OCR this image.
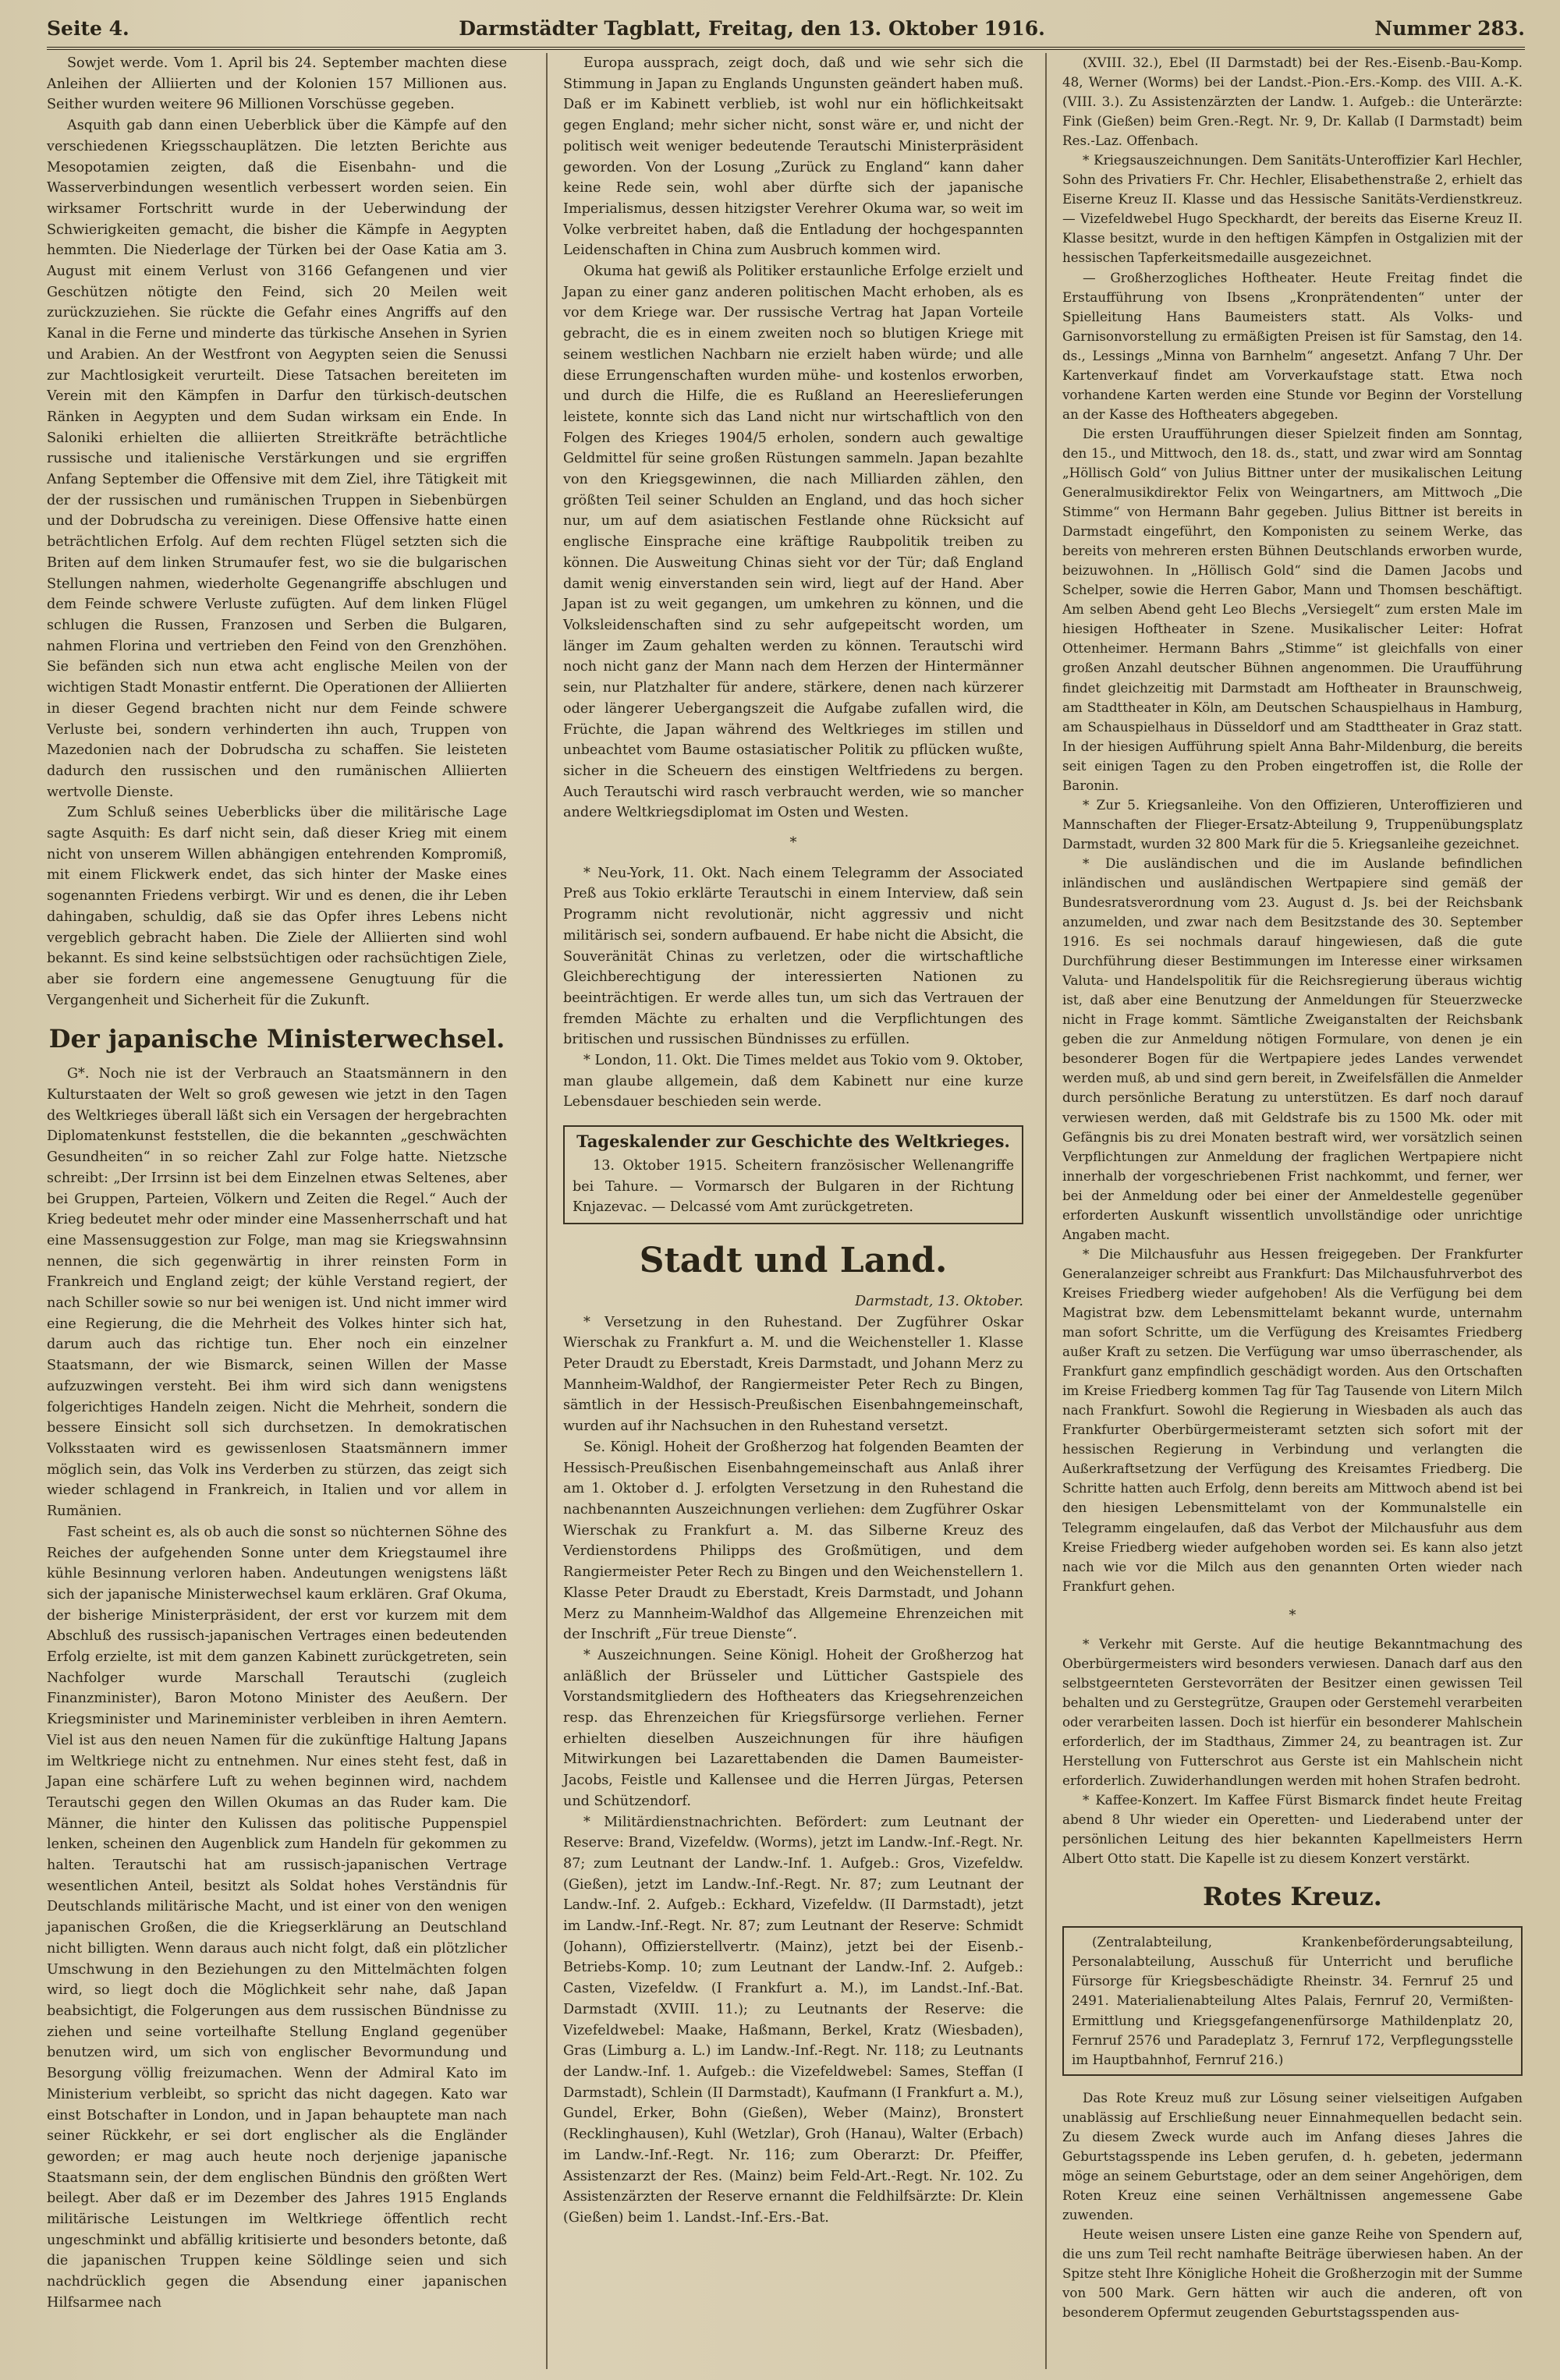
Seite 4.	Darmstädter Tagblatt, Freitag, den 13. Oktober 1916.	Nummer 283.

Sowjet werde. Vom 1. April bis 24. September machten diese Anleihen der Alliierten und der Kolonien 157 Millionen aus. Seither wurden weitere 96 Millionen Vorschüsse gegeben.

Asquith gab dann einen Ueberblick über die Kämpfe auf den verschiedenen Kriegsschauplätzen. Die letzten Berichte aus Mesopotamien zeigten, daß die Eisenbahn- und die Wasserverbindungen wesentlich verbessert worden seien. Ein wirksamer Fortschritt wurde in der Ueberwindung der Schwierigkeiten gemacht, die bisher die Kämpfe in Aegypten hemmten. Die Niederlage der Türken bei der Oase Katia am 3. August mit einem Verlust von 3166 Gefangenen und vier Geschützen nötigte den Feind, sich 20 Meilen weit zurückzuziehen. Sie rückte die Gefahr eines Angriffs auf den Kanal in die Ferne und minderte das türkische Ansehen in Syrien und Arabien. An der Westfront von Aegypten seien die Senussi zur Machtlosigkeit verurteilt. Diese Tatsachen bereiteten im Verein mit den Kämpfen in Darfur den türkisch-deutschen Ränken in Aegypten und dem Sudan wirksam ein Ende. In Saloniki erhielten die alliierten Streitkräfte beträchtliche russische und italienische Verstärkungen und sie ergriffen Anfang September die Offensive mit dem Ziel, ihre Tätigkeit mit der der russischen und rumänischen Truppen in Siebenbürgen und der Dobrudscha zu vereinigen. Diese Offensive hatte einen beträchtlichen Erfolg. Auf dem rechten Flügel setzten sich die Briten auf dem linken Strumaufer fest, wo sie die bulgarischen Stellungen nahmen, wiederholte Gegenangriffe abschlugen und dem Feinde schwere Verluste zufügten. Auf dem linken Flügel schlugen die Russen, Franzosen und Serben die Bulgaren, nahmen Florina und vertrieben den Feind von den Grenzhöhen. Sie befänden sich nun etwa acht englische Meilen von der wichtigen Stadt Monastir entfernt. Die Operationen der Alliierten in dieser Gegend brachten nicht nur dem Feinde schwere Verluste bei, sondern verhinderten ihn auch, Truppen von Mazedonien nach der Dobrudscha zu schaffen. Sie leisteten dadurch den russischen und den rumänischen Alliierten wertvolle Dienste.

Zum Schluß seines Ueberblicks über die militärische Lage sagte Asquith: Es darf nicht sein, daß dieser Krieg mit einem nicht von unserem Willen abhängigen entehrenden Kompromiß, mit einem Flickwerk endet, das sich hinter der Maske eines sogenannten Friedens verbirgt. Wir und es denen, die ihr Leben dahingaben, schuldig, daß sie das Opfer ihres Lebens nicht vergeblich gebracht haben. Die Ziele der Alliierten sind wohl bekannt. Es sind keine selbstsüchtigen oder rachsüchtigen Ziele, aber sie fordern eine angemessene Genugtuung für die Vergangenheit und Sicherheit für die Zukunft.

Der japanische Ministerwechsel.

G*. Noch nie ist der Verbrauch an Staatsmännern in den Kulturstaaten der Welt so groß gewesen wie jetzt in den Tagen des Weltkrieges überall läßt sich ein Versagen der hergebrachten Diplomatenkunst feststellen, die die bekannten „geschwächten Gesundheiten“ in so reicher Zahl zur Folge hatte. Nietzsche schreibt: „Der Irrsinn ist bei dem Einzelnen etwas Seltenes, aber bei Gruppen, Parteien, Völkern und Zeiten die Regel.“ Auch der Krieg bedeutet mehr oder minder eine Massenherrschaft und hat eine Massensuggestion zur Folge, man mag sie Kriegswahnsinn nennen, die sich gegenwärtig in ihrer reinsten Form in Frankreich und England zeigt; der kühle Verstand regiert, der nach Schiller sowie so nur bei wenigen ist. Und nicht immer wird eine Regierung, die die Mehrheit des Volkes hinter sich hat, darum auch das richtige tun. Eher noch ein einzelner Staatsmann, der wie Bismarck, seinen Willen der Masse aufzuzwingen versteht. Bei ihm wird sich dann wenigstens folgerichtiges Handeln zeigen. Nicht die Mehrheit, sondern die bessere Einsicht soll sich durchsetzen. In demokratischen Volksstaaten wird es gewissenlosen Staatsmännern immer möglich sein, das Volk ins Verderben zu stürzen, das zeigt sich wieder schlagend in Frankreich, in Italien und vor allem in Rumänien.

Fast scheint es, als ob auch die sonst so nüchternen Söhne des Reiches der aufgehenden Sonne unter dem Kriegstaumel ihre kühle Besinnung verloren haben. Andeutungen wenigstens läßt sich der japanische Ministerwechsel kaum erklären. Graf Okuma, der bisherige Ministerpräsident, der erst vor kurzem mit dem Abschluß des russisch-japanischen Vertrages einen bedeutenden Erfolg erzielte, ist mit dem ganzen Kabinett zurückgetreten, sein Nachfolger wurde Marschall Terautschi (zugleich Finanzminister), Baron Motono Minister des Aeußern. Der Kriegsminister und Marineminister verbleiben in ihren Aemtern. Viel ist aus den neuen Namen für die zukünftige Haltung Japans im Weltkriege nicht zu entnehmen. Nur eines steht fest, daß in Japan eine schärfere Luft zu wehen beginnen wird, nachdem Terautschi gegen den Willen Okumas an das Ruder kam. Die Männer, die hinter den Kulissen das politische Puppenspiel lenken, scheinen den Augenblick zum Handeln für gekommen zu halten. Terautschi hat am russisch-japanischen Vertrage wesentlichen Anteil, besitzt als Soldat hohes Verständnis für Deutschlands militärische Macht, und ist einer von den wenigen japanischen Großen, die die Kriegserklärung an Deutschland nicht billigten. Wenn daraus auch nicht folgt, daß ein plötzlicher Umschwung in den Beziehungen zu den Mittelmächten folgen wird, so liegt doch die Möglichkeit sehr nahe, daß Japan beabsichtigt, die Folgerungen aus dem russischen Bündnisse zu ziehen und seine vorteilhafte Stellung England gegenüber benutzen wird, um sich von englischer Bevormundung und Besorgung völlig freizumachen. Wenn der Admiral Kato im Ministerium verbleibt, so spricht das nicht dagegen. Kato war einst Botschafter in London, und in Japan behauptete man nach seiner Rückkehr, er sei dort englischer als die Engländer geworden; er mag auch heute noch derjenige japanische Staatsmann sein, der dem englischen Bündnis den größten Wert beilegt. Aber daß er im Dezember des Jahres 1915 Englands militärische Leistungen im Weltkriege öffentlich recht ungeschminkt und abfällig kritisierte und besonders betonte, daß die japanischen Truppen keine Söldlinge seien und sich nachdrücklich gegen die Absendung einer japanischen Hilfsarmee nach

Europa aussprach, zeigt doch, daß und wie sehr sich die Stimmung in Japan zu Englands Ungunsten geändert haben muß. Daß er im Kabinett verblieb, ist wohl nur ein höflichkeitsakt gegen England; mehr sicher nicht, sonst wäre er, und nicht der politisch weit weniger bedeutende Terautschi Ministerpräsident geworden. Von der Losung „Zurück zu England“ kann daher keine Rede sein, wohl aber dürfte sich der japanische Imperialismus, dessen hitzigster Verehrer Okuma war, so weit im Volke verbreitet haben, daß die Entladung der hochgespannten Leidenschaften in China zum Ausbruch kommen wird.

Okuma hat gewiß als Politiker erstaunliche Erfolge erzielt und Japan zu einer ganz anderen politischen Macht erhoben, als es vor dem Kriege war. Der russische Vertrag hat Japan Vorteile gebracht, die es in einem zweiten noch so blutigen Kriege mit seinem westlichen Nachbarn nie erzielt haben würde; und alle diese Errungenschaften wurden mühe- und kostenlos erworben, und durch die Hilfe, die es Rußland an Heereslieferungen leistete, konnte sich das Land nicht nur wirtschaftlich von den Folgen des Krieges 1904/5 erholen, sondern auch gewaltige Geldmittel für seine großen Rüstungen sammeln. Japan bezahlte von den Kriegsgewinnen, die nach Milliarden zählen, den größten Teil seiner Schulden an England, und das hoch sicher nur, um auf dem asiatischen Festlande ohne Rücksicht auf englische Einsprache eine kräftige Raubpolitik treiben zu können. Die Ausweitung Chinas sieht vor der Tür; daß England damit wenig einverstanden sein wird, liegt auf der Hand. Aber Japan ist zu weit gegangen, um umkehren zu können, und die Volksleidenschaften sind zu sehr aufgepeitscht worden, um länger im Zaum gehalten werden zu können. Terautschi wird noch nicht ganz der Mann nach dem Herzen der Hintermänner sein, nur Platzhalter für andere, stärkere, denen nach kürzerer oder längerer Uebergangszeit die Aufgabe zufallen wird, die Früchte, die Japan während des Weltkrieges im stillen und unbeachtet vom Baume ostasiatischer Politik zu pflücken wußte, sicher in die Scheuern des einstigen Weltfriedens zu bergen. Auch Terautschi wird rasch verbraucht werden, wie so mancher andere Weltkriegsdiplomat im Osten und Westen.

*

* Neu-York, 11. Okt. Nach einem Telegramm der Associated Preß aus Tokio erklärte Terautschi in einem Interview, daß sein Programm nicht revolutionär, nicht aggressiv und nicht militärisch sei, sondern aufbauend. Er habe nicht die Absicht, die Souveränität Chinas zu verletzen, oder die wirtschaftliche Gleichberechtigung der interessierten Nationen zu beeinträchtigen. Er werde alles tun, um sich das Vertrauen der fremden Mächte zu erhalten und die Verpflichtungen des britischen und russischen Bündnisses zu erfüllen.

* London, 11. Okt. Die Times meldet aus Tokio vom 9. Oktober, man glaube allgemein, daß dem Kabinett nur eine kurze Lebensdauer beschieden sein werde.

Tageskalender zur Geschichte des Weltkrieges.

13. Oktober 1915. Scheitern französischer Wellenangriffe bei Tahure. — Vormarsch der Bulgaren in der Richtung Knjazevac. — Delcassé vom Amt zurückgetreten.

Stadt und Land.

Darmstadt, 13. Oktober.

* Versetzung in den Ruhestand. Der Zugführer Oskar Wierschak zu Frankfurt a. M. und die Weichensteller 1. Klasse Peter Draudt zu Eberstadt, Kreis Darmstadt, und Johann Merz zu Mannheim-Waldhof, der Rangiermeister Peter Rech zu Bingen, sämtlich in der Hessisch-Preußischen Eisenbahngemeinschaft, wurden auf ihr Nachsuchen in den Ruhestand versetzt.

Se. Königl. Hoheit der Großherzog hat folgenden Beamten der Hessisch-Preußischen Eisenbahngemeinschaft aus Anlaß ihrer am 1. Oktober d. J. erfolgten Versetzung in den Ruhestand die nachbenannten Auszeichnungen verliehen: dem Zugführer Oskar Wierschak zu Frankfurt a. M. das Silberne Kreuz des Verdienstordens Philipps des Großmütigen, und dem Rangiermeister Peter Rech zu Bingen und den Weichenstellern 1. Klasse Peter Draudt zu Eberstadt, Kreis Darmstadt, und Johann Merz zu Mannheim-Waldhof das Allgemeine Ehrenzeichen mit der Inschrift „Für treue Dienste“.

* Auszeichnungen. Seine Königl. Hoheit der Großherzog hat anläßlich der Brüsseler und Lütticher Gastspiele des Vorstandsmitgliedern des Hoftheaters das Kriegsehrenzeichen resp. das Ehrenzeichen für Kriegsfürsorge verliehen. Ferner erhielten dieselben Auszeichnungen für ihre häufigen Mitwirkungen bei Lazarettabenden die Damen Baumeister-Jacobs, Feistle und Kallensee und die Herren Jürgas, Petersen und Schützendorf.

* Militärdienstnachrichten. Befördert: zum Leutnant der Reserve: Brand, Vizefeldw. (Worms), jetzt im Landw.-Inf.-Regt. Nr. 87; zum Leutnant der Landw.-Inf. 1. Aufgeb.: Gros, Vizefeldw. (Gießen), jetzt im Landw.-Inf.-Regt. Nr. 87; zum Leutnant der Landw.-Inf. 2. Aufgeb.: Eckhard, Vizefeldw. (II Darmstadt), jetzt im Landw.-Inf.-Regt. Nr. 87; zum Leutnant der Reserve: Schmidt (Johann), Offizierstellvertr. (Mainz), jetzt bei der Eisenb.-Betriebs-Komp. 10; zum Leutnant der Landw.-Inf. 2. Aufgeb.: Casten, Vizefeldw. (I Frankfurt a. M.), im Landst.-Inf.-Bat. Darmstadt (XVIII. 11.); zu Leutnants der Reserve: die Vizefeldwebel: Maake, Haßmann, Berkel, Kratz (Wiesbaden), Gras (Limburg a. L.) im Landw.-Inf.-Regt. Nr. 118; zu Leutnants der Landw.-Inf. 1. Aufgeb.: die Vizefeldwebel: Sames, Steffan (I Darmstadt), Schlein (II Darmstadt), Kaufmann (I Frankfurt a. M.), Gundel, Erker, Bohn (Gießen), Weber (Mainz), Bronstert (Recklinghausen), Kuhl (Wetzlar), Groh (Hanau), Walter (Erbach) im Landw.-Inf.-Regt. Nr. 116; zum Oberarzt: Dr. Pfeiffer, Assistenzarzt der Res. (Mainz) beim Feld-Art.-Regt. Nr. 102. Zu Assistenzärzten der Reserve ernannt die Feldhilfsärzte: Dr. Klein (Gießen) beim 1. Landst.-Inf.-Ers.-Bat.

(XVIII. 32.), Ebel (II Darmstadt) bei der Res.-Eisenb.-Bau-Komp. 48, Werner (Worms) bei der Landst.-Pion.-Ers.-Komp. des VIII. A.-K. (VIII. 3.). Zu Assistenzärzten der Landw. 1. Aufgeb.: die Unterärzte: Fink (Gießen) beim Gren.-Regt. Nr. 9, Dr. Kallab (I Darmstadt) beim Res.-Laz. Offenbach.

* Kriegsauszeichnungen. Dem Sanitäts-Unteroffizier Karl Hechler, Sohn des Privatiers Fr. Chr. Hechler, Elisabethenstraße 2, erhielt das Eiserne Kreuz II. Klasse und das Hessische Sanitäts-Verdienstkreuz. — Vizefeldwebel Hugo Speckhardt, der bereits das Eiserne Kreuz II. Klasse besitzt, wurde in den heftigen Kämpfen in Ostgalizien mit der hessischen Tapferkeitsmedaille ausgezeichnet.

— Großherzogliches Hoftheater. Heute Freitag findet die Erstaufführung von Ibsens „Kronprätendenten“ unter der Spielleitung Hans Baumeisters statt. Als Volks- und Garnisonvorstellung zu ermäßigten Preisen ist für Samstag, den 14. ds., Lessings „Minna von Barnhelm“ angesetzt. Anfang 7 Uhr. Der Kartenverkauf findet am Vorverkaufstage statt. Etwa noch vorhandene Karten werden eine Stunde vor Beginn der Vorstellung an der Kasse des Hoftheaters abgegeben.

Die ersten Uraufführungen dieser Spielzeit finden am Sonntag, den 15., und Mittwoch, den 18. ds., statt, und zwar wird am Sonntag „Höllisch Gold“ von Julius Bittner unter der musikalischen Leitung Generalmusikdirektor Felix von Weingartners, am Mittwoch „Die Stimme“ von Hermann Bahr gegeben. Julius Bittner ist bereits in Darmstadt eingeführt, den Komponisten zu seinem Werke, das bereits von mehreren ersten Bühnen Deutschlands erworben wurde, beizuwohnen. In „Höllisch Gold“ sind die Damen Jacobs und Schelper, sowie die Herren Gabor, Mann und Thomsen beschäftigt. Am selben Abend geht Leo Blechs „Versiegelt“ zum ersten Male im hiesigen Hoftheater in Szene. Musikalischer Leiter: Hofrat Ottenheimer. Hermann Bahrs „Stimme“ ist gleichfalls von einer großen Anzahl deutscher Bühnen angenommen. Die Uraufführung findet gleichzeitig mit Darmstadt am Hoftheater in Braunschweig, am Stadttheater in Köln, am Deutschen Schauspielhaus in Hamburg, am Schauspielhaus in Düsseldorf und am Stadttheater in Graz statt. In der hiesigen Aufführung spielt Anna Bahr-Mildenburg, die bereits seit einigen Tagen zu den Proben eingetroffen ist, die Rolle der Baronin.

* Zur 5. Kriegsanleihe. Von den Offizieren, Unteroffizieren und Mannschaften der Flieger-Ersatz-Abteilung 9, Truppenübungsplatz Darmstadt, wurden 32 800 Mark für die 5. Kriegsanleihe gezeichnet.

* Die ausländischen und die im Auslande befindlichen inländischen und ausländischen Wertpapiere sind gemäß der Bundesratsverordnung vom 23. August d. Js. bei der Reichsbank anzumelden, und zwar nach dem Besitzstande des 30. September 1916. Es sei nochmals darauf hingewiesen, daß die gute Durchführung dieser Bestimmungen im Interesse einer wirksamen Valuta- und Handelspolitik für die Reichsregierung überaus wichtig ist, daß aber eine Benutzung der Anmeldungen für Steuerzwecke nicht in Frage kommt. Sämtliche Zweiganstalten der Reichsbank geben die zur Anmeldung nötigen Formulare, von denen je ein besonderer Bogen für die Wertpapiere jedes Landes verwendet werden muß, ab und sind gern bereit, in Zweifelsfällen die Anmelder durch persönliche Beratung zu unterstützen. Es darf noch darauf verwiesen werden, daß mit Geldstrafe bis zu 1500 Mk. oder mit Gefängnis bis zu drei Monaten bestraft wird, wer vorsätzlich seinen Verpflichtungen zur Anmeldung der fraglichen Wertpapiere nicht innerhalb der vorgeschriebenen Frist nachkommt, und ferner, wer bei der Anmeldung oder bei einer der Anmeldestelle gegenüber erforderten Auskunft wissentlich unvollständige oder unrichtige Angaben macht.

* Die Milchausfuhr aus Hessen freigegeben. Der Frankfurter Generalanzeiger schreibt aus Frankfurt: Das Milchausfuhrverbot des Kreises Friedberg wieder aufgehoben! Als die Verfügung bei dem Magistrat bzw. dem Lebensmittelamt bekannt wurde, unternahm man sofort Schritte, um die Verfügung des Kreisamtes Friedberg außer Kraft zu setzen. Die Verfügung war umso überraschender, als Frankfurt ganz empfindlich geschädigt worden. Aus den Ortschaften im Kreise Friedberg kommen Tag für Tag Tausende von Litern Milch nach Frankfurt. Sowohl die Regierung in Wiesbaden als auch das Frankfurter Oberbürgermeisteramt setzten sich sofort mit der hessischen Regierung in Verbindung und verlangten die Außerkraftsetzung der Verfügung des Kreisamtes Friedberg. Die Schritte hatten auch Erfolg, denn bereits am Mittwoch abend ist bei den hiesigen Lebensmittelamt von der Kommunalstelle ein Telegramm eingelaufen, daß das Verbot der Milchausfuhr aus dem Kreise Friedberg wieder aufgehoben worden sei. Es kann also jetzt nach wie vor die Milch aus den genannten Orten wieder nach Frankfurt gehen.

*

* Verkehr mit Gerste. Auf die heutige Bekanntmachung des Oberbürgermeisters wird besonders verwiesen. Danach darf aus den selbstgeernteten Gerstevorräten der Besitzer einen gewissen Teil behalten und zu Gerstegrütze, Graupen oder Gerstemehl verarbeiten oder verarbeiten lassen. Doch ist hierfür ein besonderer Mahlschein erforderlich, der im Stadthaus, Zimmer 24, zu beantragen ist. Zur Herstellung von Futterschrot aus Gerste ist ein Mahlschein nicht erforderlich. Zuwiderhandlungen werden mit hohen Strafen bedroht.

* Kaffee-Konzert. Im Kaffee Fürst Bismarck findet heute Freitag abend 8 Uhr wieder ein Operetten- und Liederabend unter der persönlichen Leitung des hier bekannten Kapellmeisters Herrn Albert Otto statt. Die Kapelle ist zu diesem Konzert verstärkt.

Rotes Kreuz.

(Zentralabteilung, Krankenbeförderungsabteilung, Personalabteilung, Ausschuß für Unterricht und berufliche Fürsorge für Kriegsbeschädigte Rheinstr. 34. Fernruf 25 und 2491. Materialienabteilung Altes Palais, Fernruf 20, Vermißten-Ermittlung und Kriegsgefangenenfürsorge Mathildenplatz 20, Fernruf 2576 und Paradeplatz 3, Fernruf 172, Verpflegungsstelle im Hauptbahnhof, Fernruf 216.)

Das Rote Kreuz muß zur Lösung seiner vielseitigen Aufgaben unablässig auf Erschließung neuer Einnahmequellen bedacht sein. Zu diesem Zweck wurde auch im Anfang dieses Jahres die Geburtstagsspende ins Leben gerufen, d. h. gebeten, jedermann möge an seinem Geburtstage, oder an dem seiner Angehörigen, dem Roten Kreuz eine seinen Verhältnissen angemessene Gabe zuwenden.

Heute weisen unsere Listen eine ganze Reihe von Spendern auf, die uns zum Teil recht namhafte Beiträge überwiesen haben. An der Spitze steht Ihre Königliche Hoheit die Großherzogin mit der Summe von 500 Mark. Gern hätten wir auch die anderen, oft von besonderem Opfermut zeugenden Geburtstagsspenden aus-
